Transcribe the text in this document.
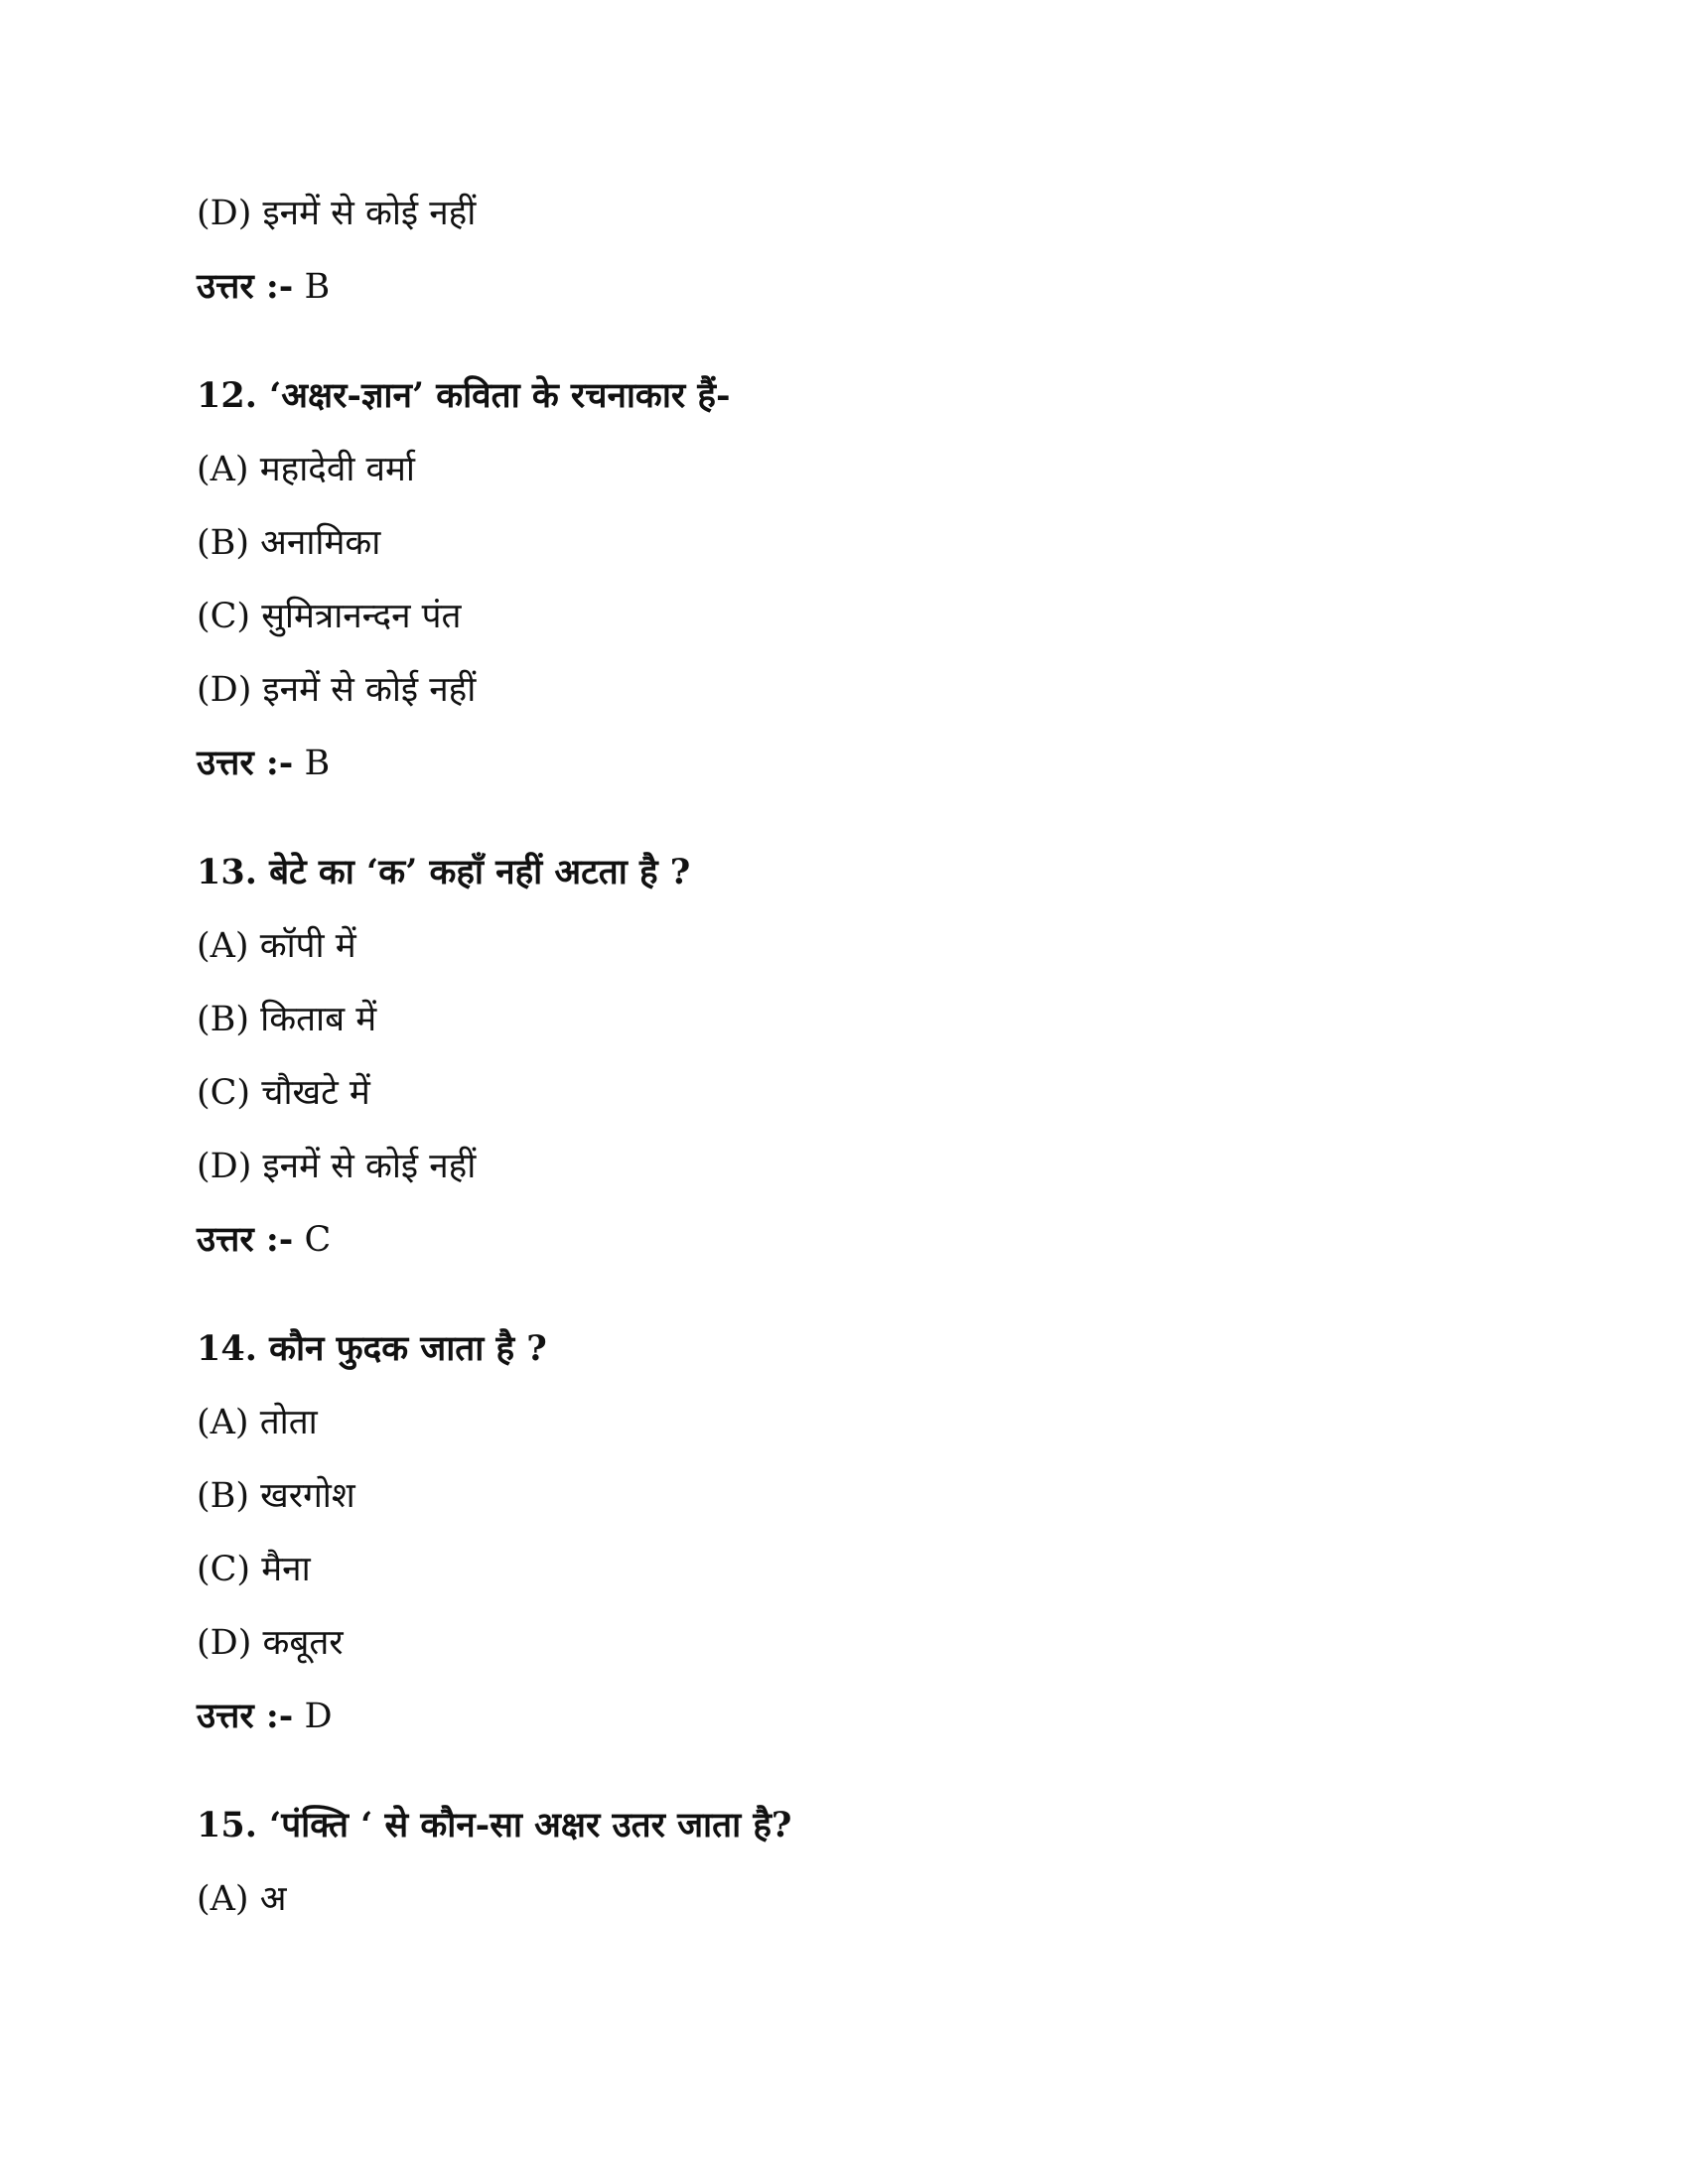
(D) इनमें से कोई नहीं

उत्तर :- B

12. ‘अक्षर-ज्ञान’ कविता के रचनाकार हैं-

(A) महादेवी वर्मा

(B) अनामिका

(C) सुमित्रानन्दन पंत

(D) इनमें से कोई नहीं

उत्तर :- B

13. बेटे का ‘क’ कहाँ नहीं अटता है ?

(A) कॉपी में

(B) किताब में

(C) चौखटे में

(D) इनमें से कोई नहीं

उत्तर :- C

14. कौन फुदक जाता है ?

(A) तोता

(B) खरगोश

(C) मैना

(D) कबूतर

उत्तर :- D

15. ‘पंक्ति ‘ से कौन-सा अक्षर उतर जाता है?

(A) अ
